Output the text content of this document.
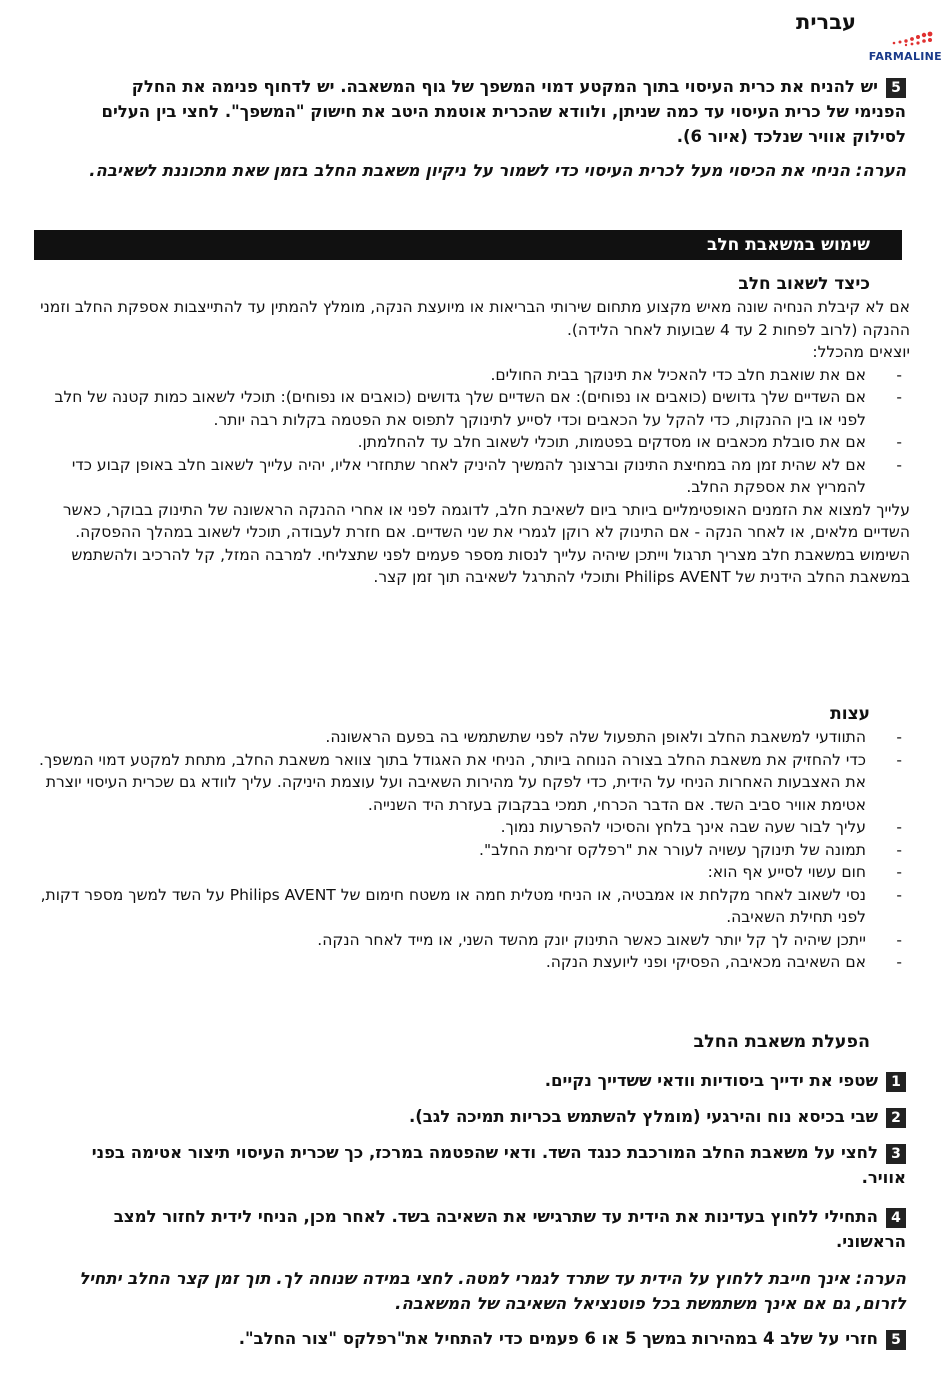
עברית
FARMALINE
5יש להניח את כרית העיסוי בתוך המקטע דמוי המשפך של גוף המשאבה. יש לדחוף פנימה את החלק הפנימי של כרית העיסוי עד כמה שניתן, ולוודא שהכרית אוטמת היטב את חישוק "המשפך". לחצי בין העלים לסילוק אוויר שנלכד (איור 6).
הערה: הניחי את הכיסוי מעל לכרית העיסוי כדי לשמור על ניקיון משאבת החלב בזמן שאת מתכוננת לשאיבה.
שימוש במשאבת חלב
כיצד לשאוב חלב
אם לא קיבלת הנחיה שונה מאיש מקצוע מתחום שירותי הבריאות או מיועצת הנקה, מומלץ להמתין עד להתייצבות אספקת החלב וזמני ההנקה (לרוב לפחות 2 עד 4 שבועות לאחר הלידה).
יוצאים מהכלל:
- אם את שואבת חלב כדי להאכיל את תינוקך בבית החולים.
- אם השדיים שלך גדושים (כואבים או נפוחים): אם השדיים שלך גדושים (כואבים או נפוחים): תוכלי לשאוב כמות קטנה של חלב לפני או בין ההנקות, כדי להקל על הכאבים וכדי לסייע לתינוקך לתפוס את הפטמה בקלות רבה יותר.
- אם את סובלת מכאבים או מסדקים בפטמות, תוכלי לשאוב חלב עד להחלמתן.
- אם לא שהית זמן מה במחיצת התינוק וברצונך להמשיך להיניק לאחר שתחזרי אליו, יהיה עלייך לשאוב חלב באופן קבוע כדי להמריץ את אספקת החלב.
עלייך למצוא את הזמנים האופטימליים ביותר ביום לשאיבת חלב, לדוגמה לפני או אחרי ההנקה הראשונה של התינוק בבוקר, כאשר השדיים מלאים, או לאחר הנקה - אם התינוק לא רוקן לגמרי את שני השדיים. אם חזרת לעבודה, תוכלי לשאוב במהלך ההפסקה.
השימוש במשאבת חלב מצריך תרגול וייתכן שיהיה עלייך לנסות מספר פעמים לפני שתצליחי. למרבה המזל, קל להרכיב ולהשתמש במשאבת החלב הידנית של Philips AVENT ותוכלי להתרגל לשאיבה תוך זמן קצר.
עצות
- התוודעי למשאבת החלב ולאופן התפעול שלה לפני שתשתמשי בה בפעם הראשונה.
- כדי להחזיק את משאבת החלב בצורה הנוחה ביותר, הניחי את האגודל בתוך צוואר משאבת החלב, מתחת למקטע דמוי המשפך. את האצבעות האחרות הניחי על הידית, כדי לפקח על מהירות השאיבה ועל עוצמת היניקה. עליך לוודא גם שכרית העיסוי יוצרת אטימת אוויר סביב השד. אם הדבר הכרחי, תמכי בבקבוק בעזרת היד השנייה.
- עליך לבור שעה שבה אינך בלחץ והסיכוי להפרעות נמוך.
- תמונה של תינוקך עשויה לעורר את "רפלקס זרימת החלב".
- חום עשוי לסייע אף הוא:
- נסי לשאוב לאחר מקלחת או אמבטיה, או הניחי מטלית חמה או משטח חימום של Philips AVENT על השד למשך מספר דקות, לפני תחילת השאיבה.
- ייתכן שיהיה לך קל יותר לשאוב כאשר התינוק יונק מהשד השני, או מייד לאחר הנקה.
- אם השאיבה מכאיבה, הפסיקי ופני ליועצת הנקה.
הפעלת משאבת החלב
1שטפי את ידייך ביסודיות וודאי ששדייך נקיים.
2שבי בכיסא נוח והירגעי (מומלץ להשתמש בכריות תמיכה לגב).
3לחצי על משאבת החלב המורכבת כנגד השד. ודאי שהפטמה במרכז, כך שכרית העיסוי תיצור אטימה בפני אוויר.
4התחילי ללחוץ בעדינות את הידית עד שתרגישי את השאיבה בשד. לאחר מכן, הניחי לידית לחזור למצב הראשוני.
הערה: אינך חייבת ללחוץ על הידית עד שתרד לגמרי למטה. לחצי במידה שנוחה לך. תוך זמן קצר החלב יתחיל לזרום, גם אם אינך משתמשת בכל פוטנציאל השאיבה של המשאבה.
5חזרי על שלב 4 במהירות במשך 5 או 6 פעמים כדי להתחיל את"רפלקס "צור החלב".
